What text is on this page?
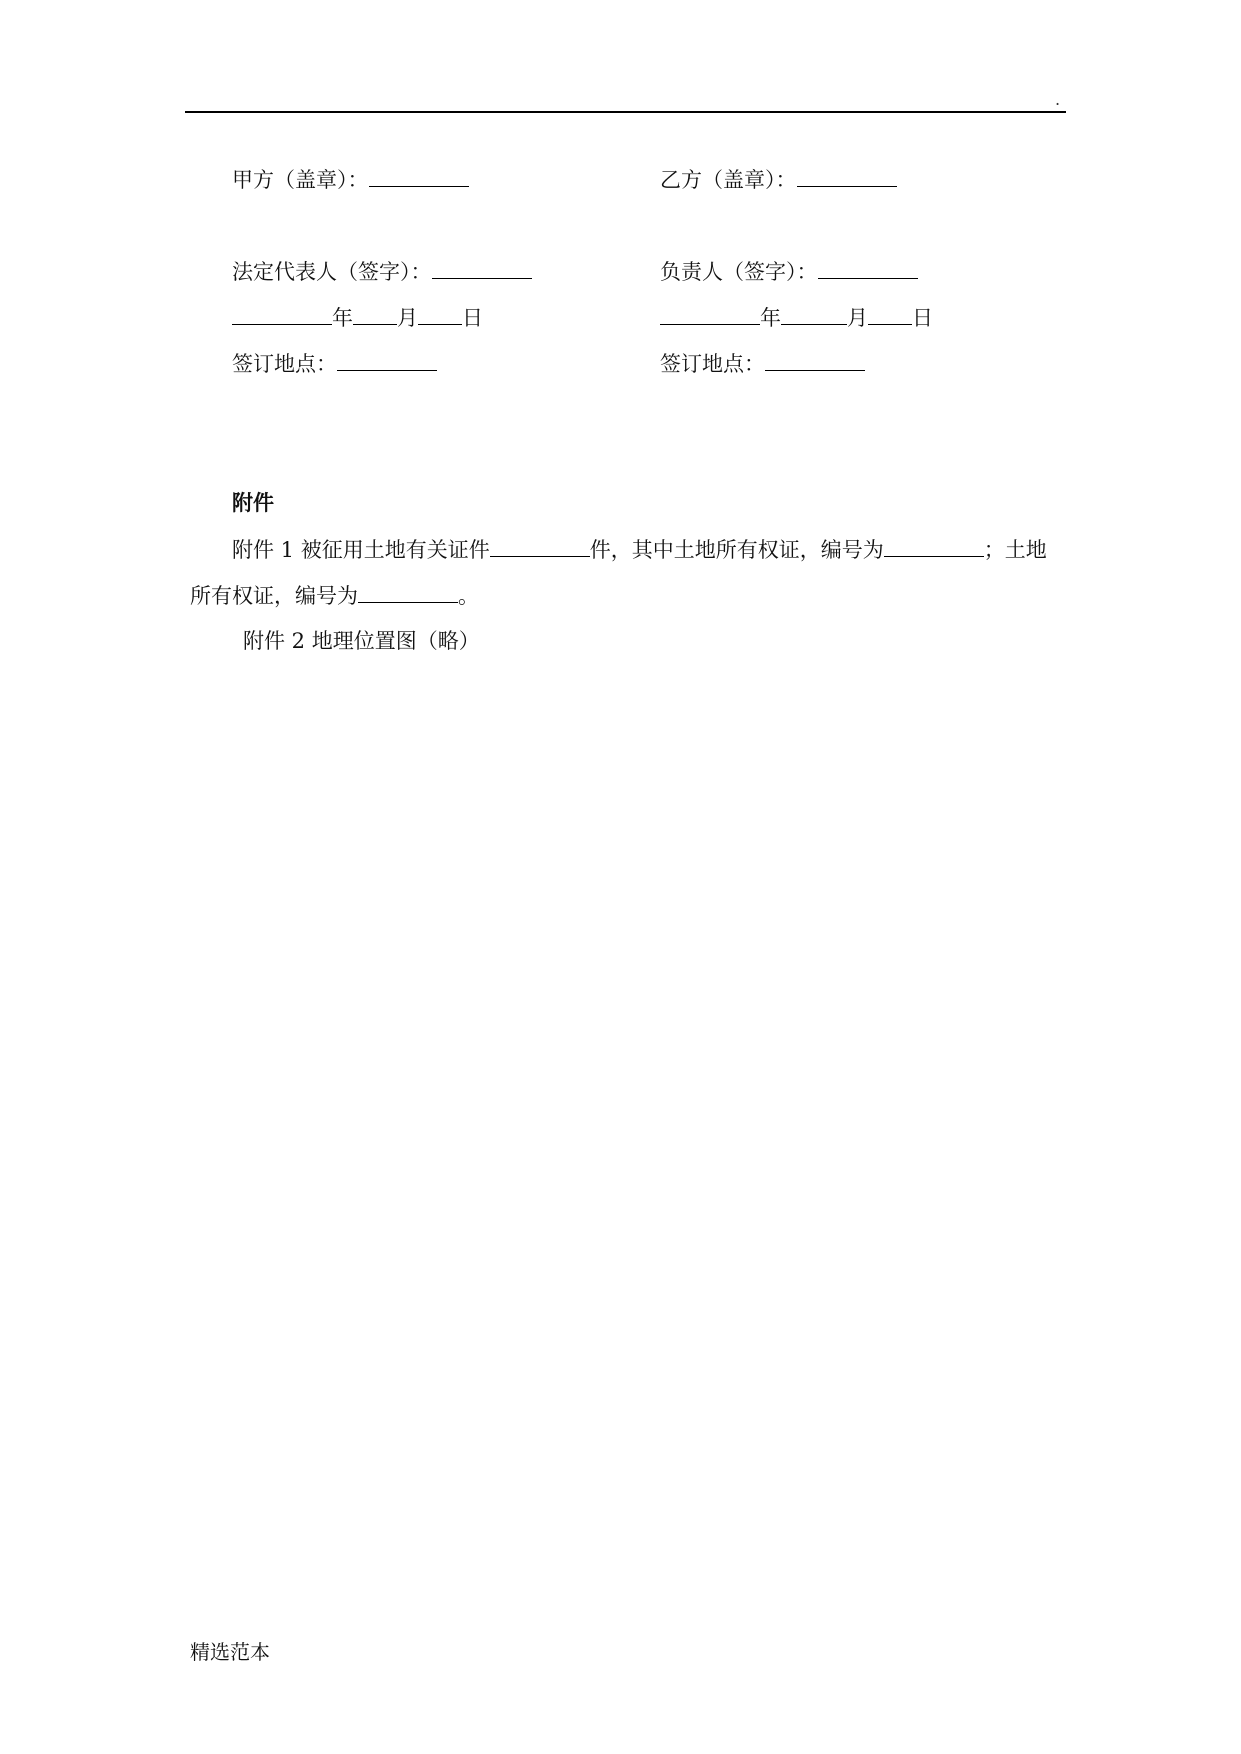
.
甲方（盖章）：	乙方（盖章）：
法定代表人（签字）：	负责人（签字）：
年 月 日	年	月 日
签订地点：	签订地点：
附件
附件 1 被征用土地有关证件	件，其中土地所有权证，编号为	；土地
所有权证，编号为	。
附件 2 地理位置图（略）
精选范本
